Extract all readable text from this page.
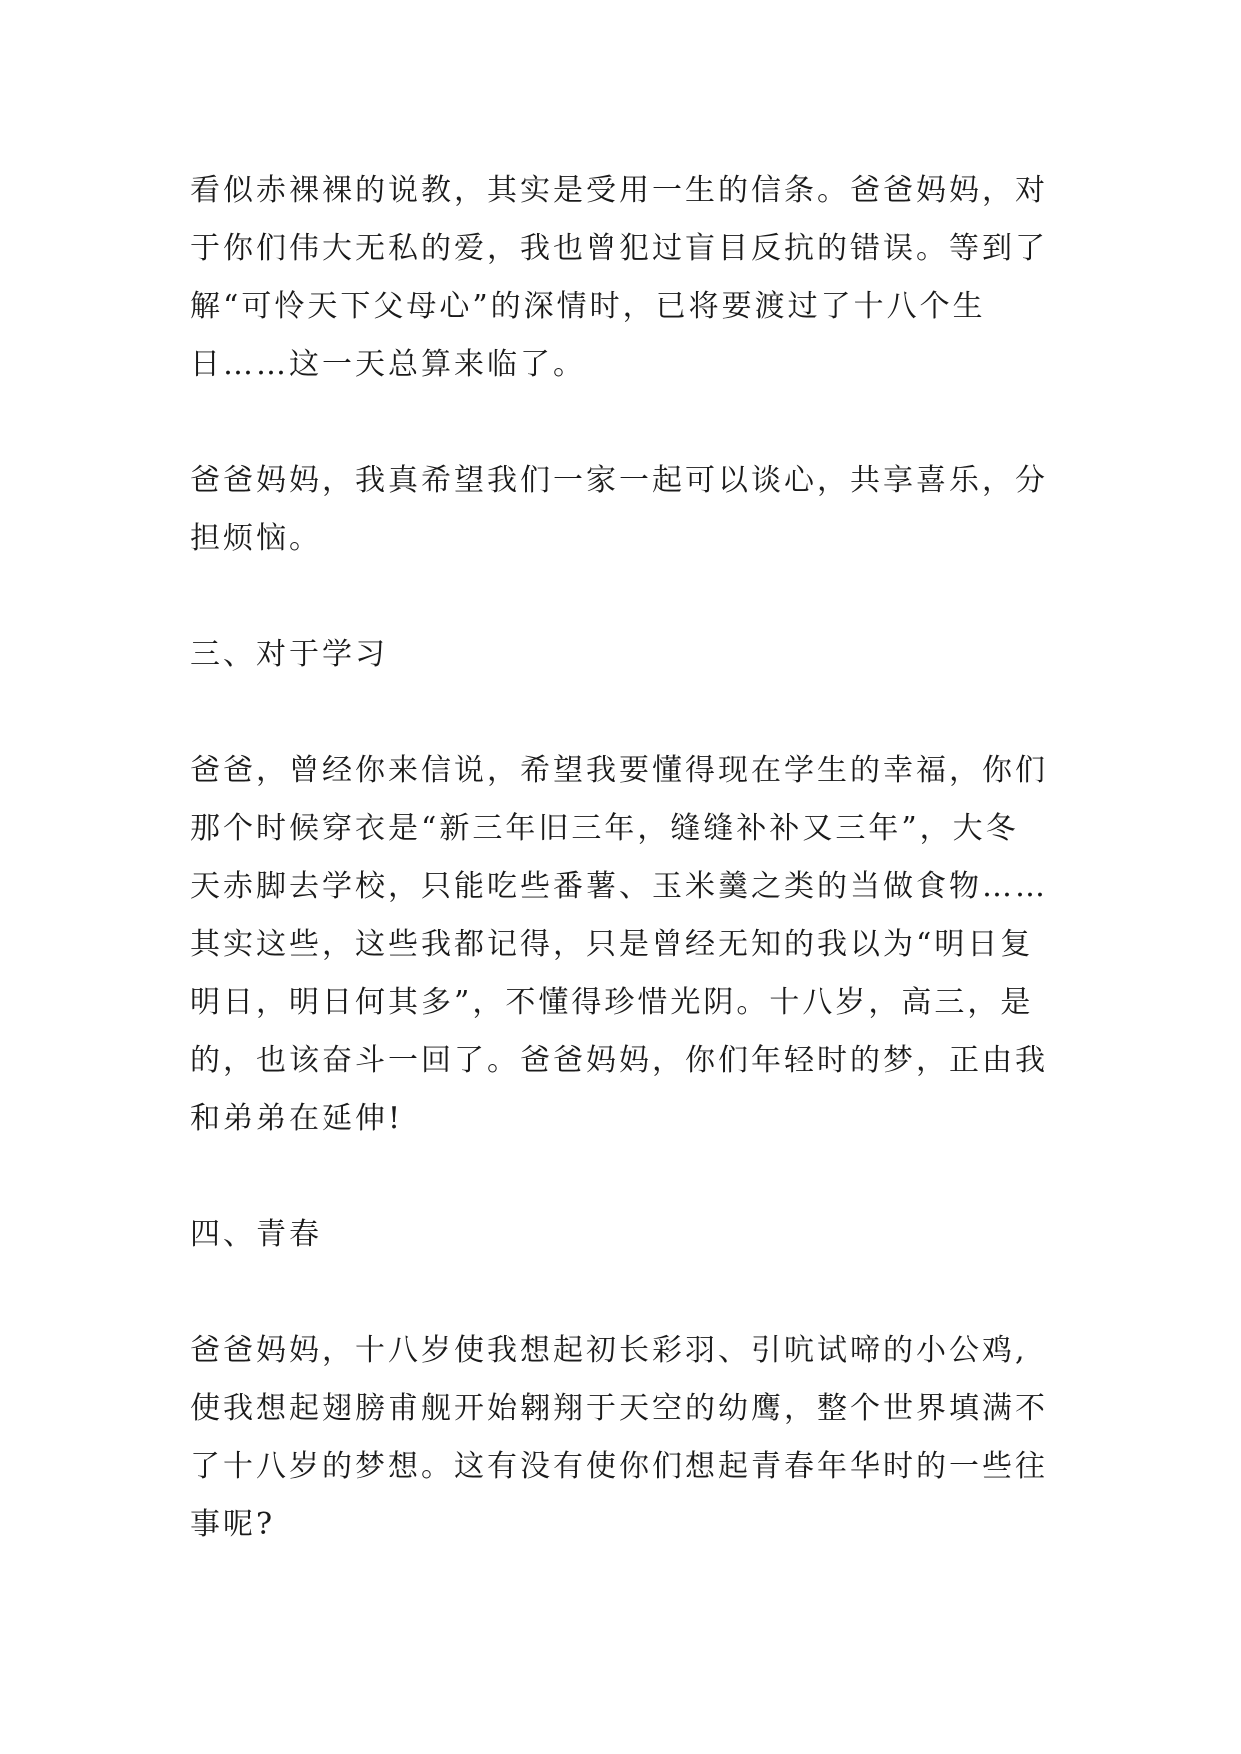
看似赤裸裸的说教，其实是受用一生的信条。爸爸妈妈，对
于你们伟大无私的爱，我也曾犯过盲目反抗的错误。等到了
解“可怜天下父母心”的深情时，已将要渡过了十八个生
日……这一天总算来临了。
爸爸妈妈，我真希望我们一家一起可以谈心，共享喜乐，分
担烦恼。
三、对于学习
爸爸，曾经你来信说，希望我要懂得现在学生的幸福，你们
那个时候穿衣是“新三年旧三年，缝缝补补又三年”，大冬
天赤脚去学校，只能吃些番薯、玉米羹之类的当做食物……
其实这些，这些我都记得，只是曾经无知的我以为“明日复
明日，明日何其多”，不懂得珍惜光阴。十八岁，高三，是
的，也该奋斗一回了。爸爸妈妈，你们年轻时的梦，正由我
和弟弟在延伸!
四、青春
爸爸妈妈，十八岁使我想起初长彩羽、引吭试啼的小公鸡,
使我想起翅膀甫舰开始翱翔于天空的幼鹰，整个世界填满不
了十八岁的梦想。这有没有使你们想起青春年华时的一些往
事呢?
